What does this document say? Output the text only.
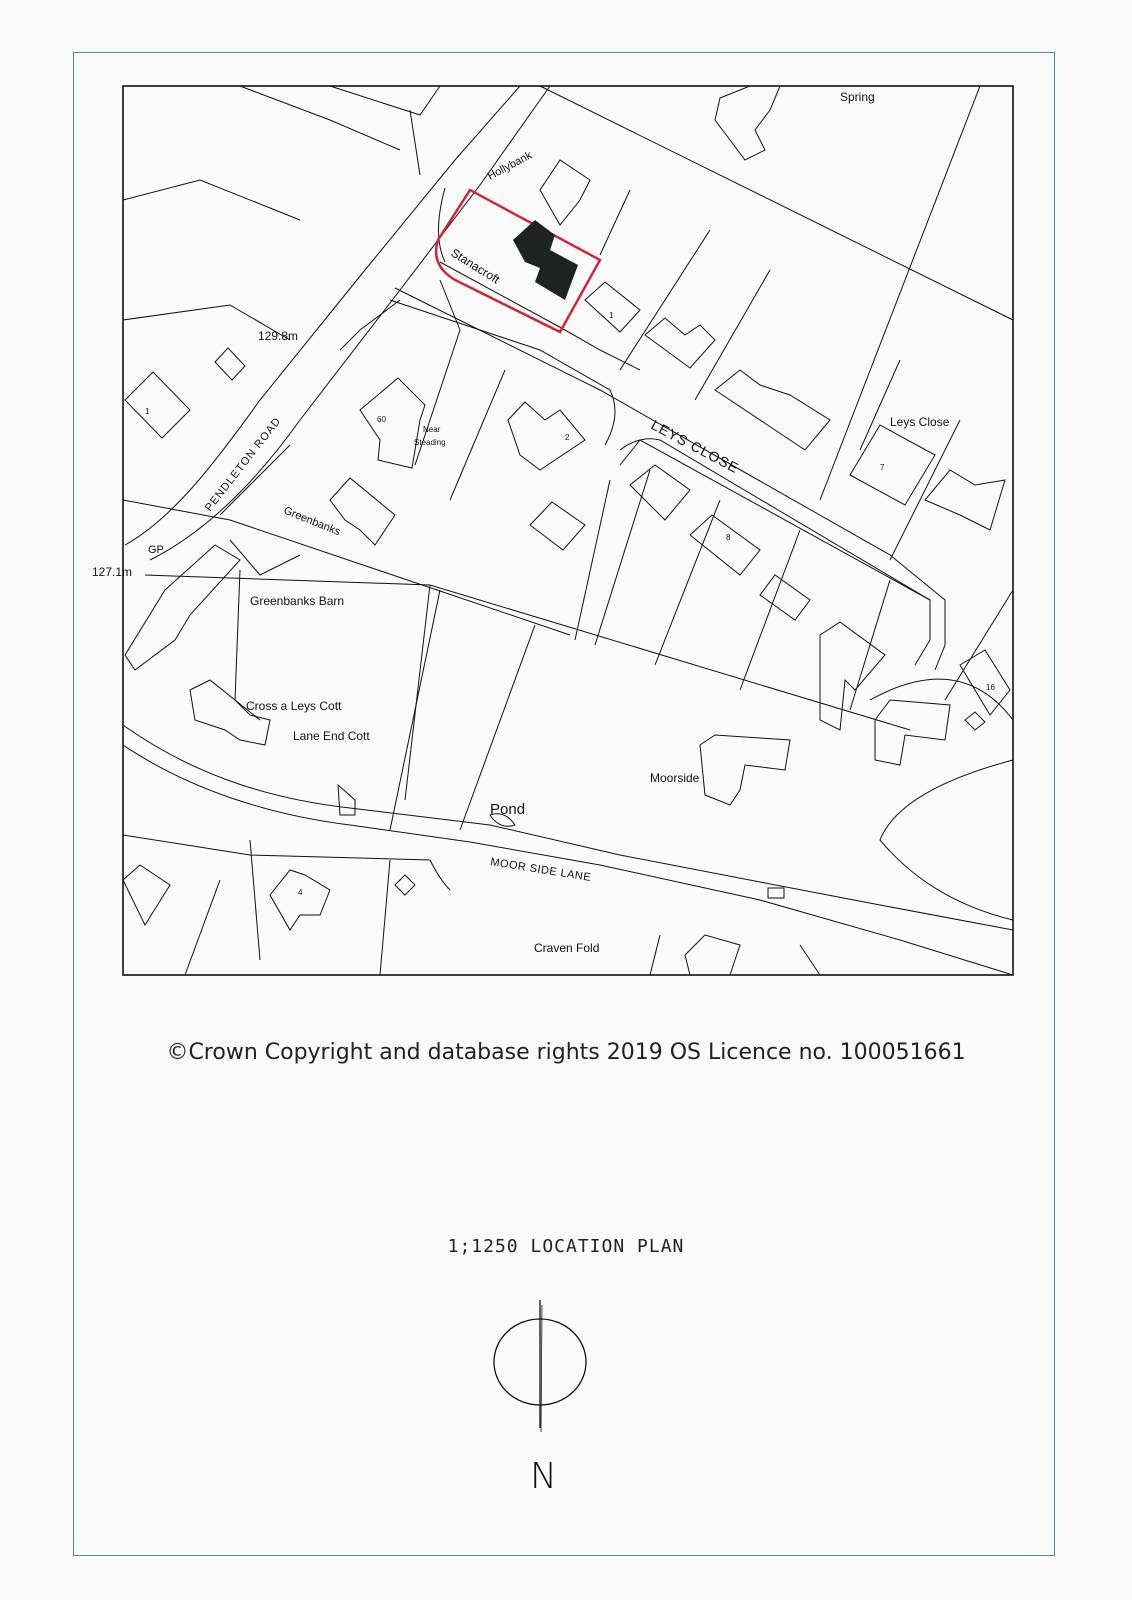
Spring
Hollybank
Stanacroft
1
1
2
7
8
16
60
4
Near
Steading
129.8m
127.1m
PENDLETON ROAD
Greenbanks
GP
Greenbanks Barn
LEYS CLOSE	Leys Close
Cross a Leys Cott
Lane End Cott
Moorside
Pond
MOOR SIDE LANE
Craven Fold
N
©Crown Copyright and database rights 2019 OS Licence no. 100051661
1;1250 LOCATION PLAN
